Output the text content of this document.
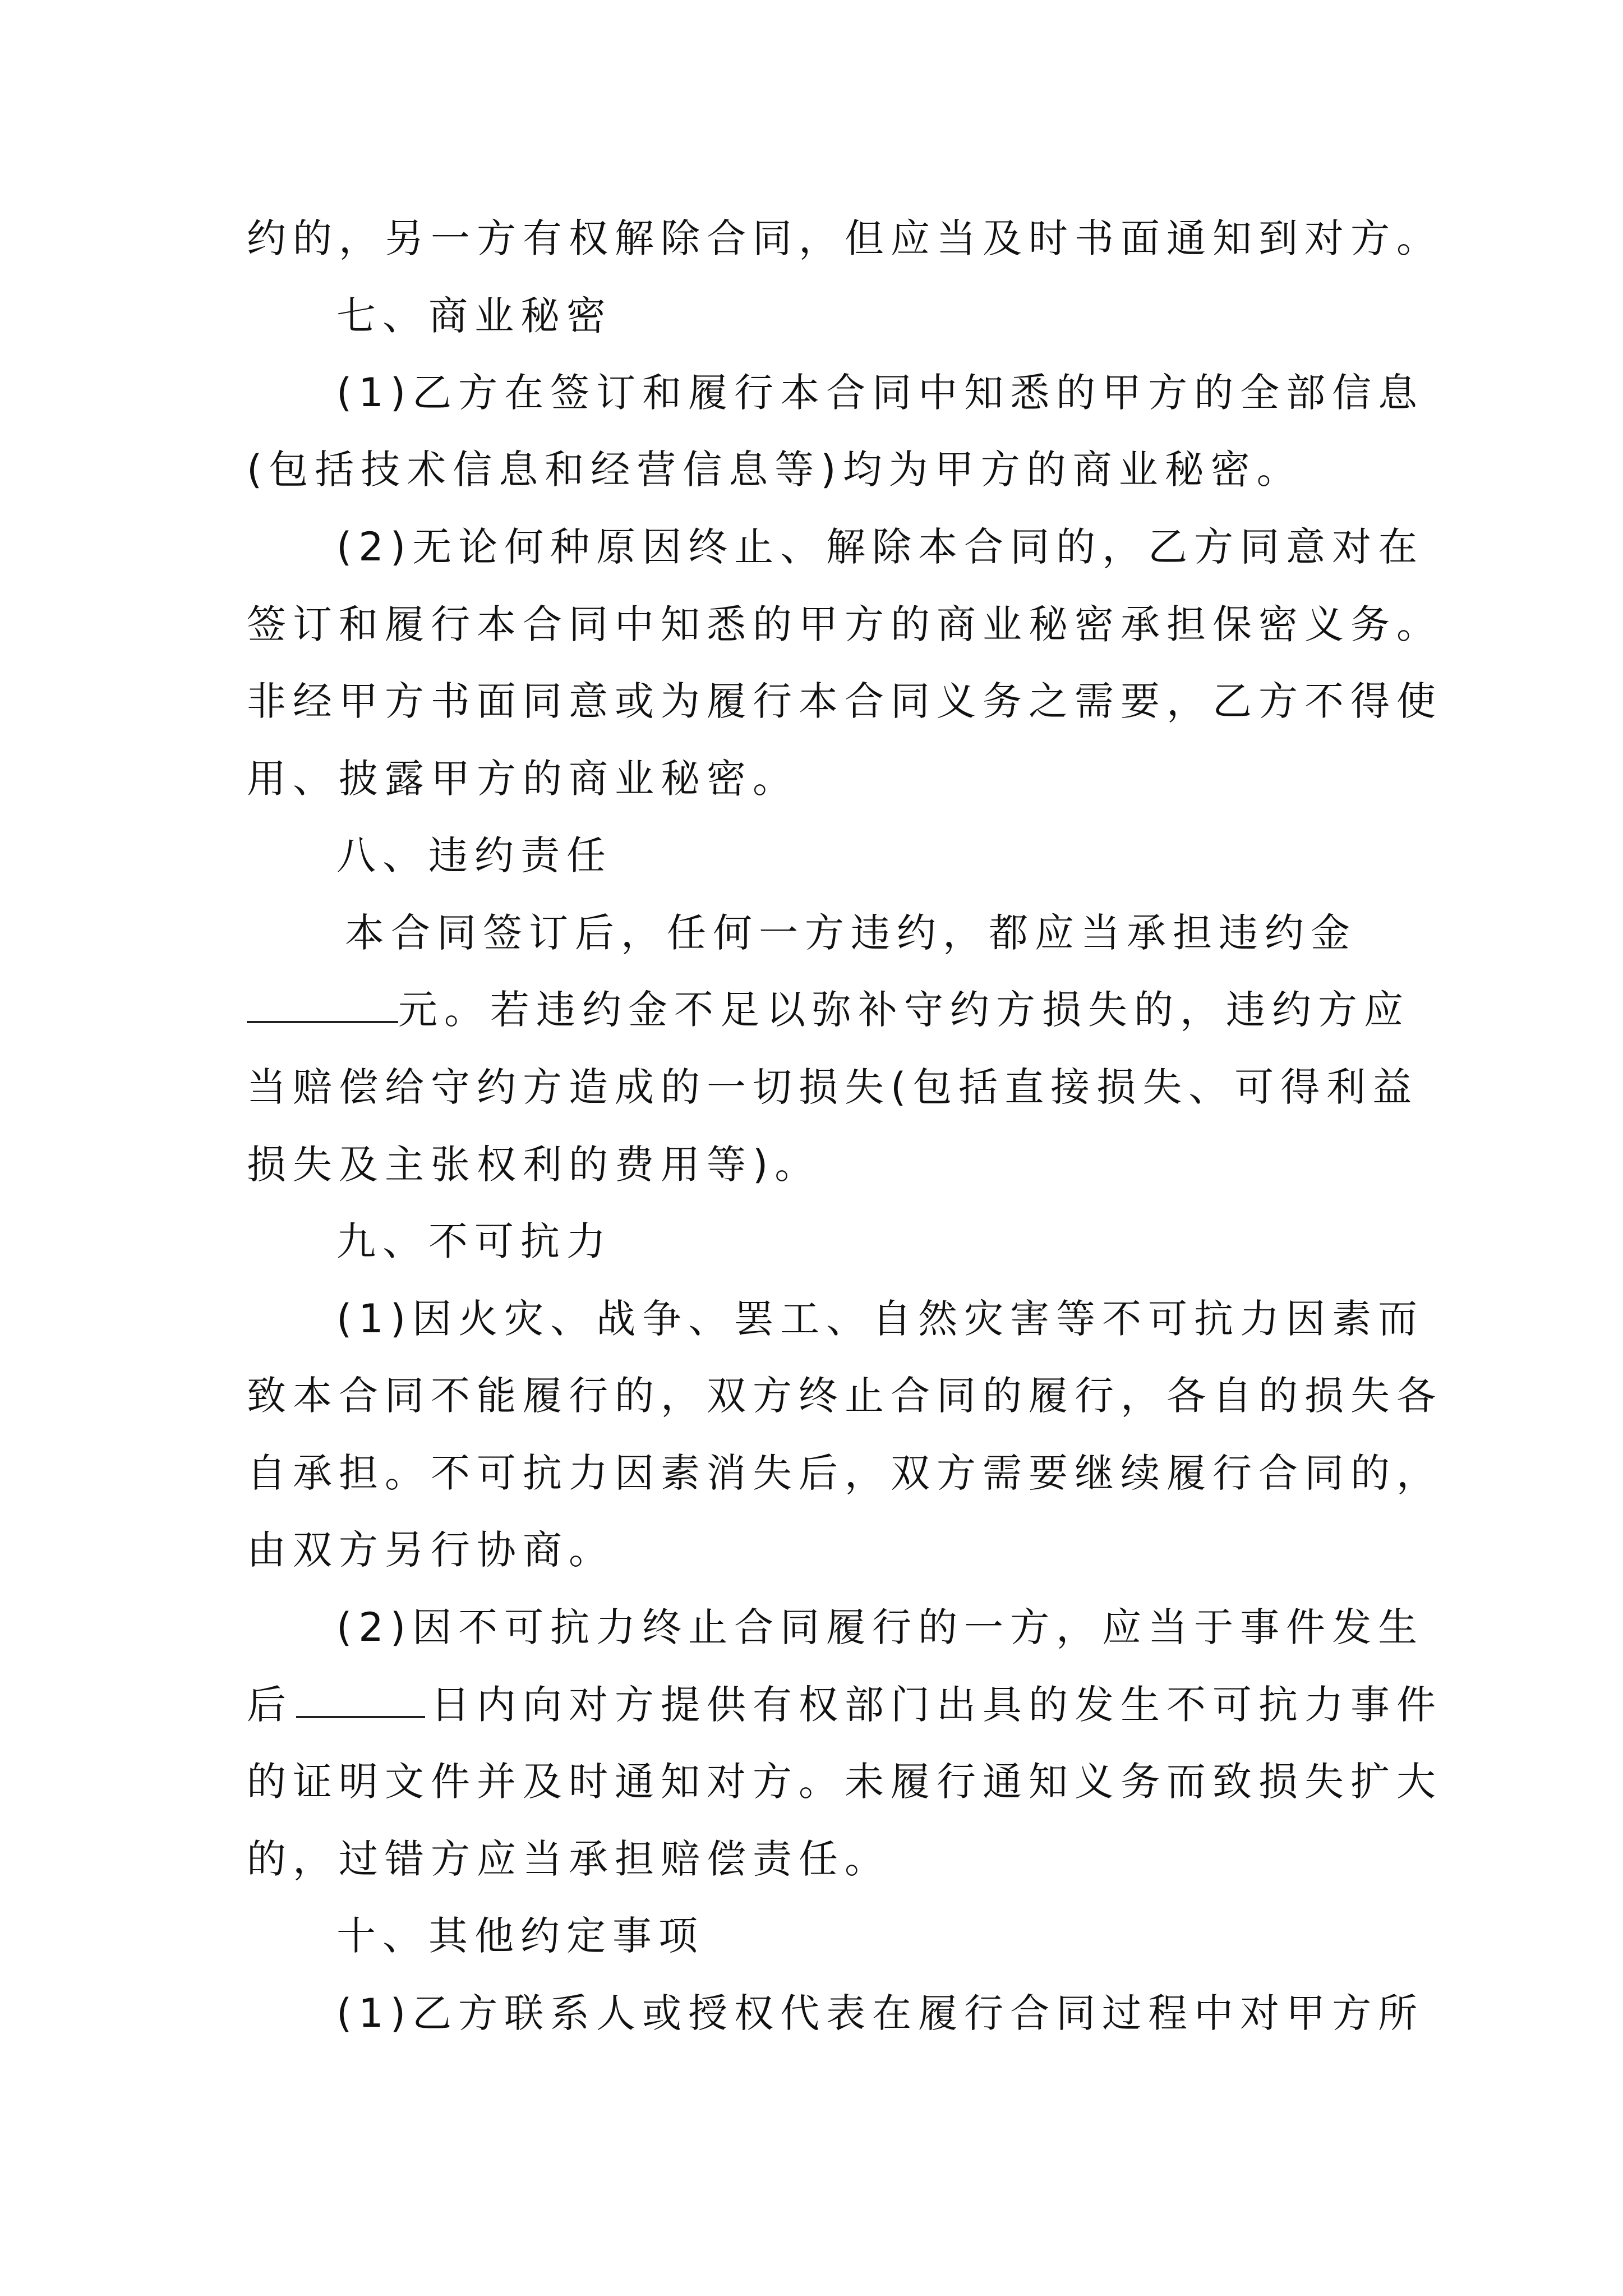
约的，另一方有权解除合同，但应当及时书面通知到对方。
七、商业秘密
(1)乙方在签订和履行本合同中知悉的甲方的全部信息
(包括技术信息和经营信息等)均为甲方的商业秘密。
(2)无论何种原因终止、解除本合同的，乙方同意对在
签订和履行本合同中知悉的甲方的商业秘密承担保密义务。
非经甲方书面同意或为履行本合同义务之需要，乙方不得使
用、披露甲方的商业秘密。
八、违约责任
本合同签订后，任何一方违约，都应当承担违约金
元。若违约金不足以弥补守约方损失的，违约方应
当赔偿给守约方造成的一切损失(包括直接损失、可得利益
损失及主张权利的费用等)。
九、不可抗力
(1)因火灾、战争、罢工、自然灾害等不可抗力因素而
致本合同不能履行的，双方终止合同的履行，各自的损失各
自承担。不可抗力因素消失后，双方需要继续履行合同的，
由双方另行协商。
(2)因不可抗力终止合同履行的一方，应当于事件发生
后	日内向对方提供有权部门出具的发生不可抗力事件
的证明文件并及时通知对方。未履行通知义务而致损失扩大
的，过错方应当承担赔偿责任。
十、其他约定事项
(1)乙方联系人或授权代表在履行合同过程中对甲方所
